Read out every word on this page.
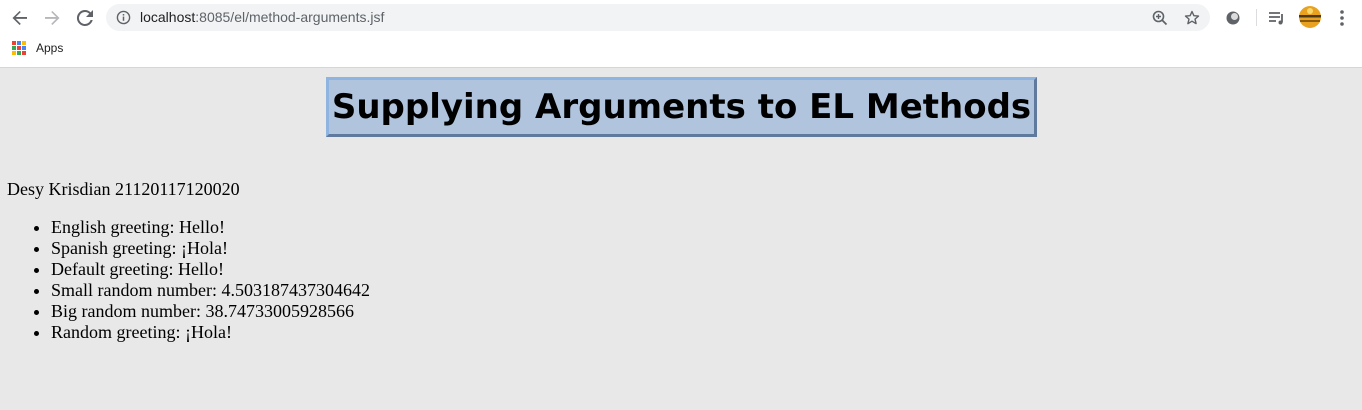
localhost:8085/el/method-arguments.jsf
Apps
Supplying Arguments to EL Methods
Desy Krisdian 21120117120020
• English greeting: Hello!
• Spanish greeting: ¡Hola!
• Default greeting: Hello!
• Small random number: 4.503187437304642
• Big random number: 38.74733005928566
• Random greeting: ¡Hola!
